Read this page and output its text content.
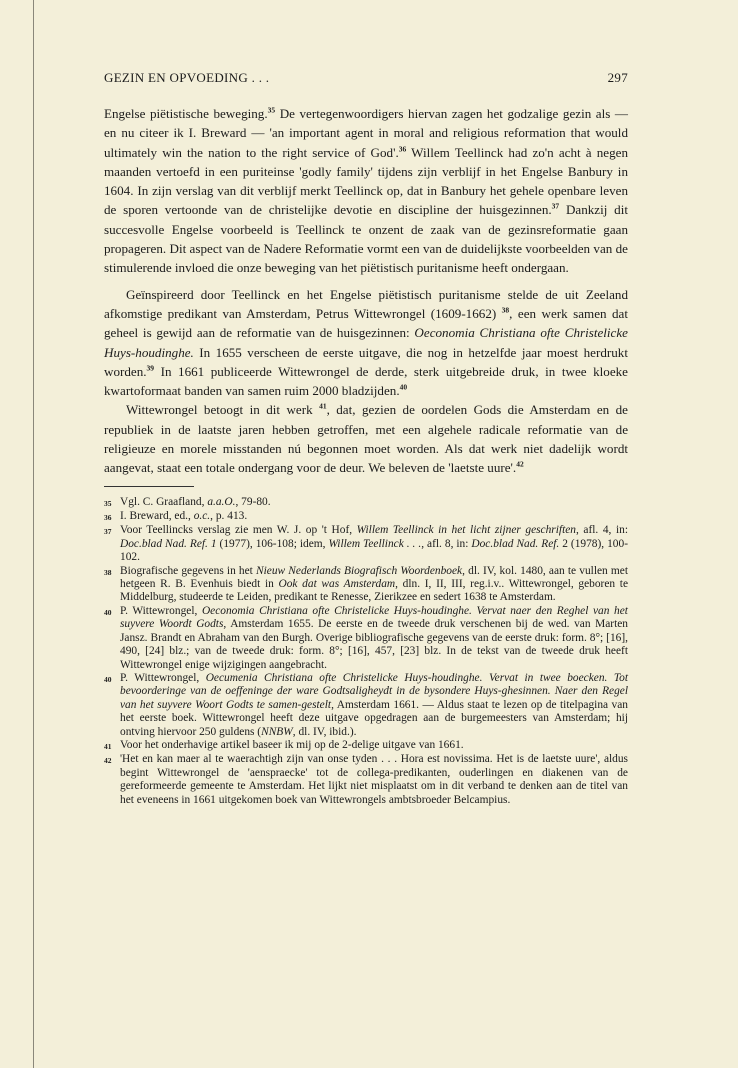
GEZIN EN OPVOEDING . . .	297

Engelse piëtistische beweging.$^{35}$ De vertegenwoordigers hiervan zagen het godzalige gezin als — en nu citeer ik I. Breward — 'an important agent in moral and religious reformation that would ultimately win the nation to the right service of God'.$^{36}$ Willem Teellinck had zo'n acht à negen maanden vertoefd in een puriteinse 'godly family' tijdens zijn verblijf in het Engelse Banbury in 1604. In zijn verslag van dit verblijf merkt Teellinck op, dat in Banbury het gehele openbare leven de sporen vertoonde van de christelijke devotie en discipline der huisgezinnen.$^{37}$ Dankzij dit succesvolle Engelse voorbeeld is Teellinck te onzent de zaak van de gezinsreformatie gaan propageren. Dit aspect van de Nadere Reformatie vormt een van de duidelijkste voorbeelden van de stimulerende invloed die onze beweging van het piëtistisch puritanisme heeft ondergaan.

Geïnspireerd door Teellinck en het Engelse piëtistisch puritanisme stelde de uit Zeeland afkomstige predikant van Amsterdam, Petrus Wittewrongel (1609-1662) $^{38}$, een werk samen dat geheel is gewijd aan de reformatie van de huisgezinnen: Oeconomia Christiana ofte Christelicke Huys-houdinghe. In 1655 verscheen de eerste uitgave, die nog in hetzelfde jaar moest herdrukt worden.$^{39}$ In 1661 publiceerde Wittewrongel de derde, sterk uitgebreide druk, in twee kloeke kwartoformaat banden van samen ruim 2000 bladzijden.$^{40}$

Wittewrongel betoogt in dit werk $^{41}$, dat, gezien de oordelen Gods die Amsterdam en de republiek in de laatste jaren hebben getroffen, met een algehele radicale reformatie van de religieuze en morele misstanden nú begonnen moet worden. Als dat werk niet dadelijk wordt aangevat, staat een totale ondergang voor de deur. We beleven de 'laetste uure'.$^{42}$

35 Vgl. C. Graafland, a.a.O., 79-80.
36 I. Breward, ed., o.c., p. 413.
37 Voor Teellincks verslag zie men W. J. op 't Hof, Willem Teellinck in het licht zijner geschriften, afl. 4, in: Doc.blad Nad. Ref. 1 (1977), 106-108; idem, Willem Teellinck . . ., afl. 8, in: Doc.blad Nad. Ref. 2 (1978), 100-102.
38 Biografische gegevens in het Nieuw Nederlands Biografisch Woordenboek, dl. IV, kol. 1480, aan te vullen met hetgeen R. B. Evenhuis biedt in Ook dat was Amsterdam, dln. I, II, III, reg.i.v.. Wittewrongel, geboren te Middelburg, studeerde te Leiden, predikant te Renesse, Zierikzee en sedert 1638 te Amsterdam.
40 P. Wittewrongel, Oeconomia Christiana ofte Christelicke Huys-houdinghe. Vervat naer den Reghel van het suyvere Woordt Godts, Amsterdam 1655. De eerste en de tweede druk verschenen bij de wed. van Marten Jansz. Brandt en Abraham van den Burgh. Overige bibliografische gegevens van de eerste druk: form. 8°; [16], 490, [24] blz.; van de tweede druk: form. 8°; [16], 457, [23] blz. In de tekst van de tweede druk heeft Wittewrongel enige wijzigingen aangebracht.
40 P. Wittewrongel, Oecumenia Christiana ofte Christelicke Huys-houdinghe. Vervat in twee boecken. Tot bevoorderinge van de oeffeninge der ware Godtsaligheydt in de bysondere Huys-ghesinnen. Naer den Regel van het suyvere Woort Godts te samen-gestelt, Amsterdam 1661. — Aldus staat te lezen op de titelpagina van het eerste boek. Wittewrongel heeft deze uitgave opgedragen aan de burgemeesters van Amsterdam; hij ontving hiervoor 250 guldens (NNBW, dl. IV, ibid.).
41 Voor het onderhavige artikel baseer ik mij op de 2-delige uitgave van 1661.
42 'Het en kan maer al te waerachtigh zijn van onse tyden . . . Hora est novissima. Het is de laetste uure', aldus begint Wittewrongel de 'aenspraecke' tot de collega-predikanten, ouderlingen en diakenen van de gereformeerde gemeente te Amsterdam. Het lijkt niet misplaatst om in dit verband te denken aan de titel van het eveneens in 1661 uitgekomen boek van Wittewrongels ambtsbroeder Belcampius.
